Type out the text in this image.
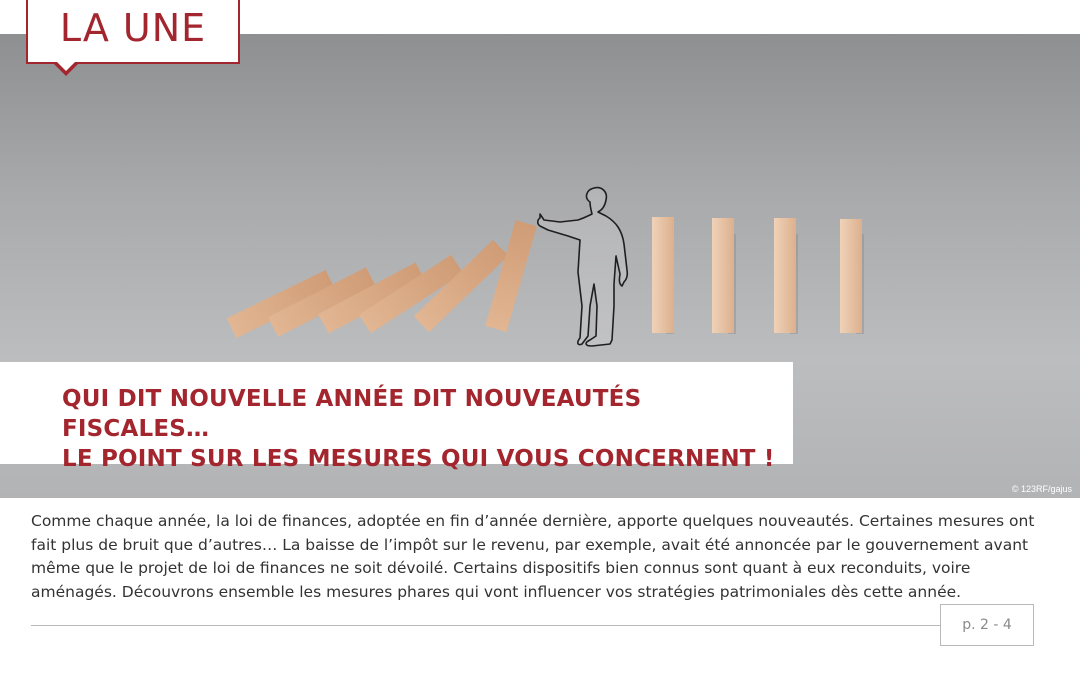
© 123RF/gajus
LA UNE
QUI DIT NOUVELLE ANNÉE DIT NOUVEAUTÉS FISCALES…
LE POINT SUR LES MESURES QUI VOUS CONCERNENT !

Comme chaque année, la loi de finances, adoptée en fin d’année dernière, apporte quelques nouveautés. Certaines mesures ont fait plus de bruit que d’autres… La baisse de l’impôt sur le revenu, par exemple, avait été annoncée par le gouvernement avant même que le projet de loi de finances ne soit dévoilé. Certains dispositifs bien connus sont quant à eux reconduits, voire aménagés. Découvrons ensemble les mesures phares qui vont influencer vos stratégies patrimoniales dès cette année.

p. 2 - 4
